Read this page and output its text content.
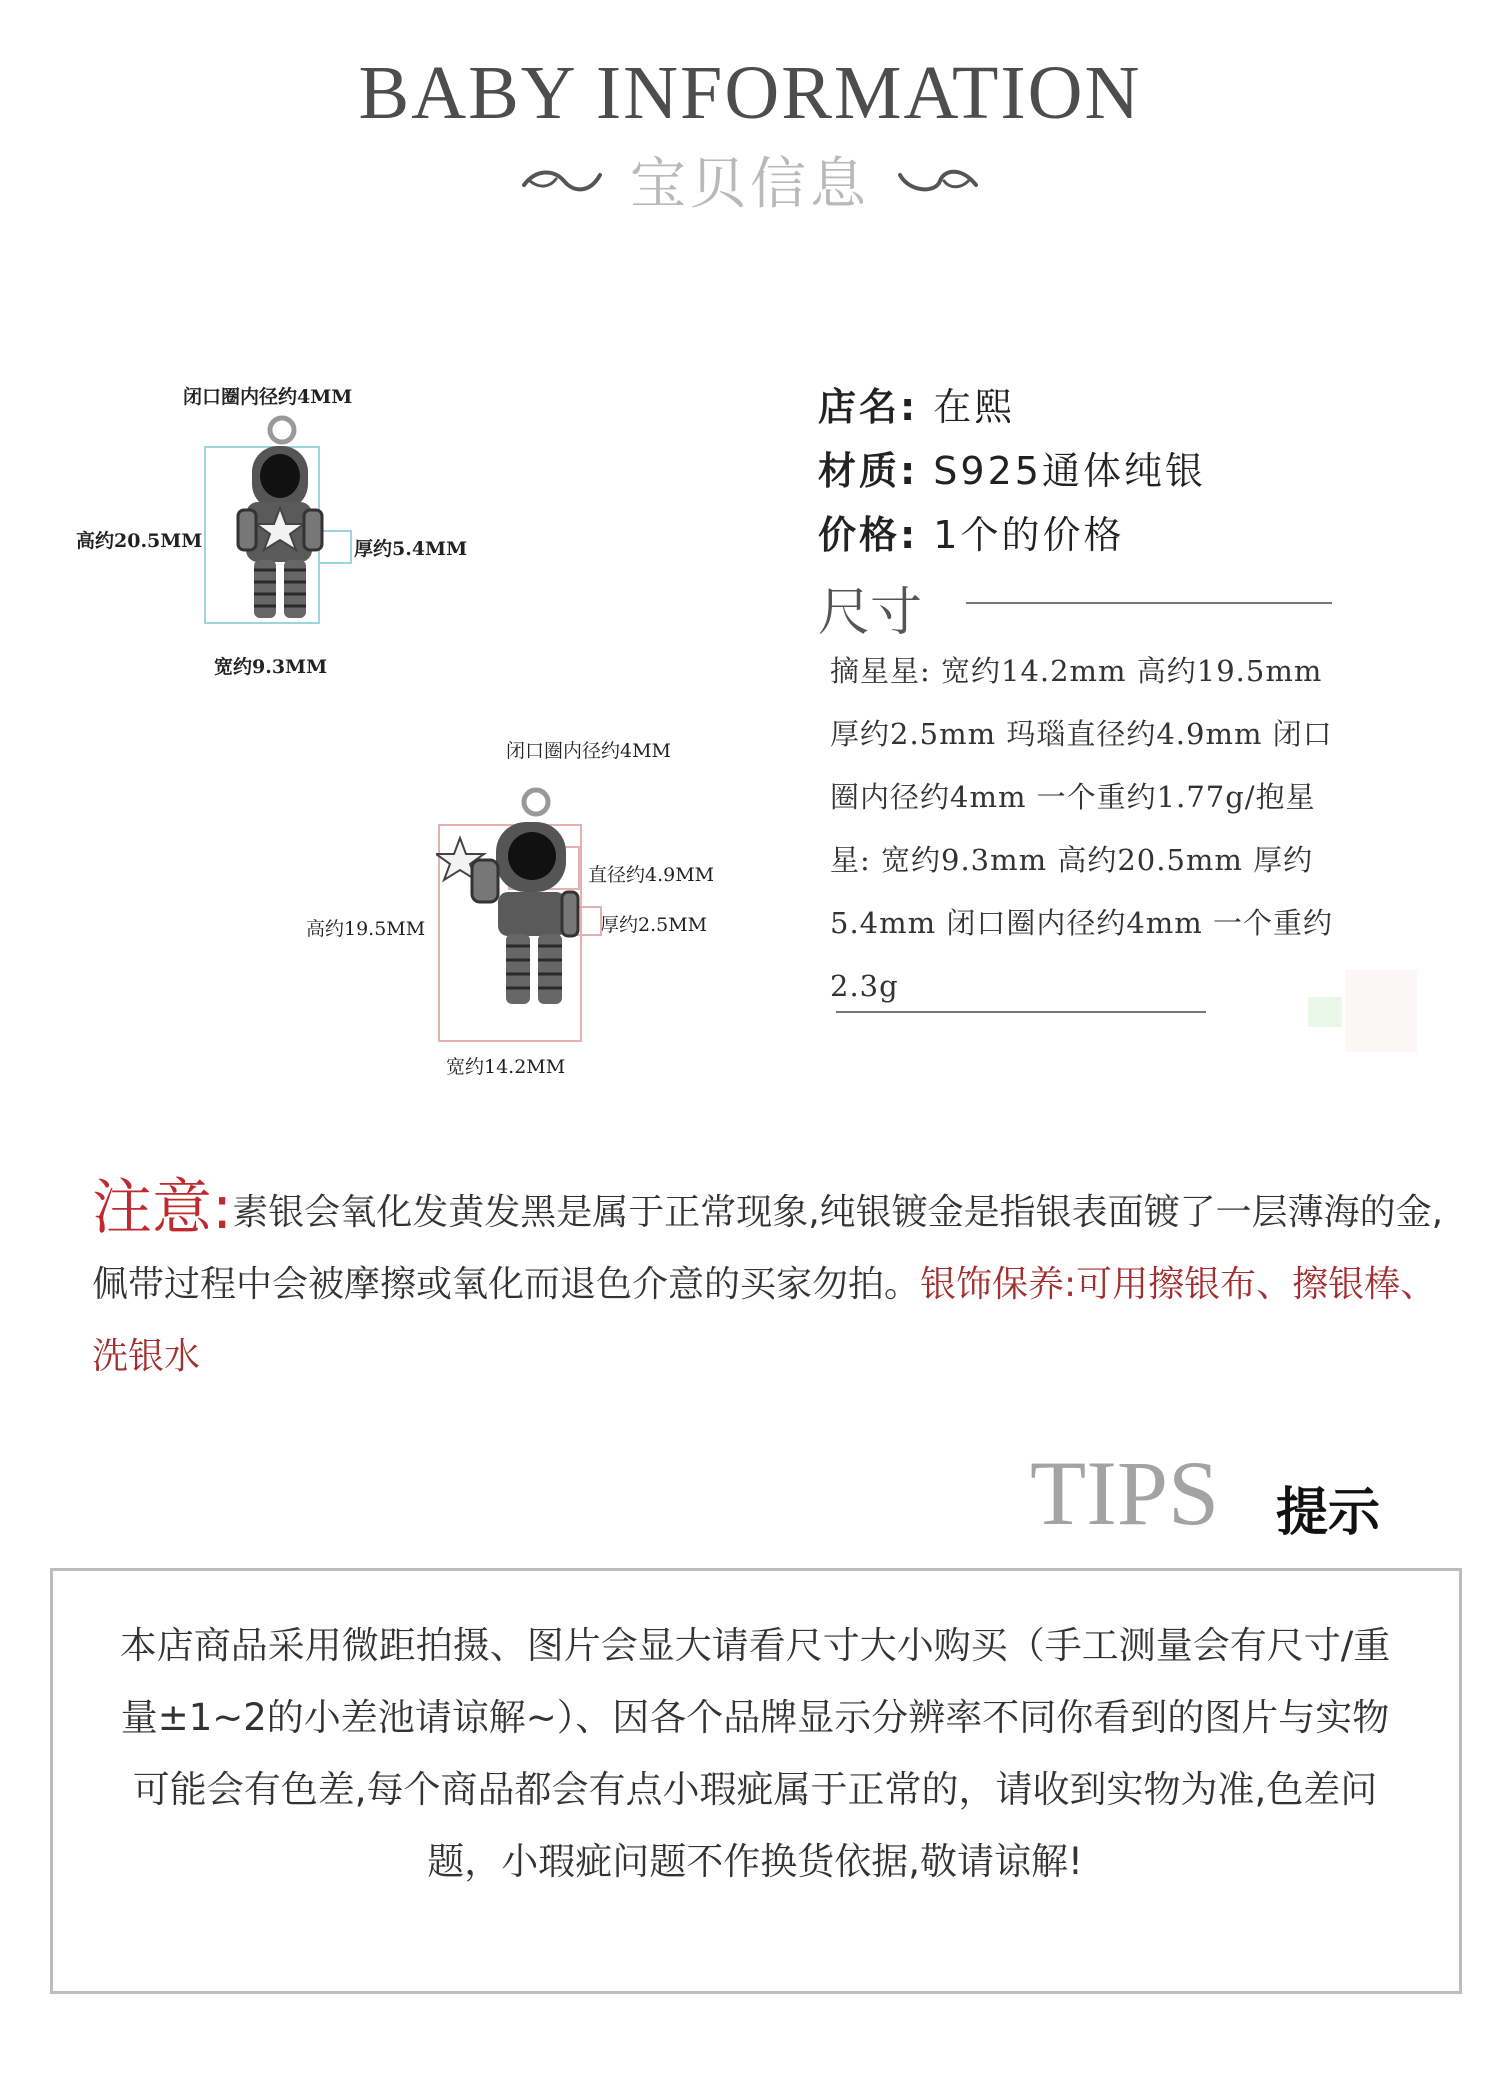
BABY INFORMATION
宝贝信息
闭口圈内径约4MM
高约20.5MM	厚约5.4MM
宽约9.3MM
闭口圈内径约4MM
直径约4.9MM
厚约2.5MM
高约19.5MM
宽约14.2MM
店名: 在熙
材质: S925通体纯银
价格: 1个的价格
尺寸
摘星星: 宽约14.2mm 高约19.5mm 厚约2.5mm 玛瑙直径约4.9mm 闭口圈内径约4mm 一个重约1.77g/抱星星: 宽约9.3mm 高约20.5mm 厚约5.4mm 闭口圈内径约4mm 一个重约2.3g
注意:素银会氧化发黄发黑是属于正常现象,纯银镀金是指银表面镀了一层薄海的金,佩带过程中会被摩擦或氧化而退色介意的买家勿拍。银饰保养:可用擦银布、擦银棒、洗银水
TIPS 提示
本店商品采用微距拍摄、图片会显大请看尺寸大小购买（手工测量会有尺寸/重量±1~2的小差池请谅解~）、因各个品牌显示分辨率不同你看到的图片与实物可能会有色差,每个商品都会有点小瑕疵属于正常的，请收到实物为准,色差问题，小瑕疵问题不作换货依据,敬请谅解!
